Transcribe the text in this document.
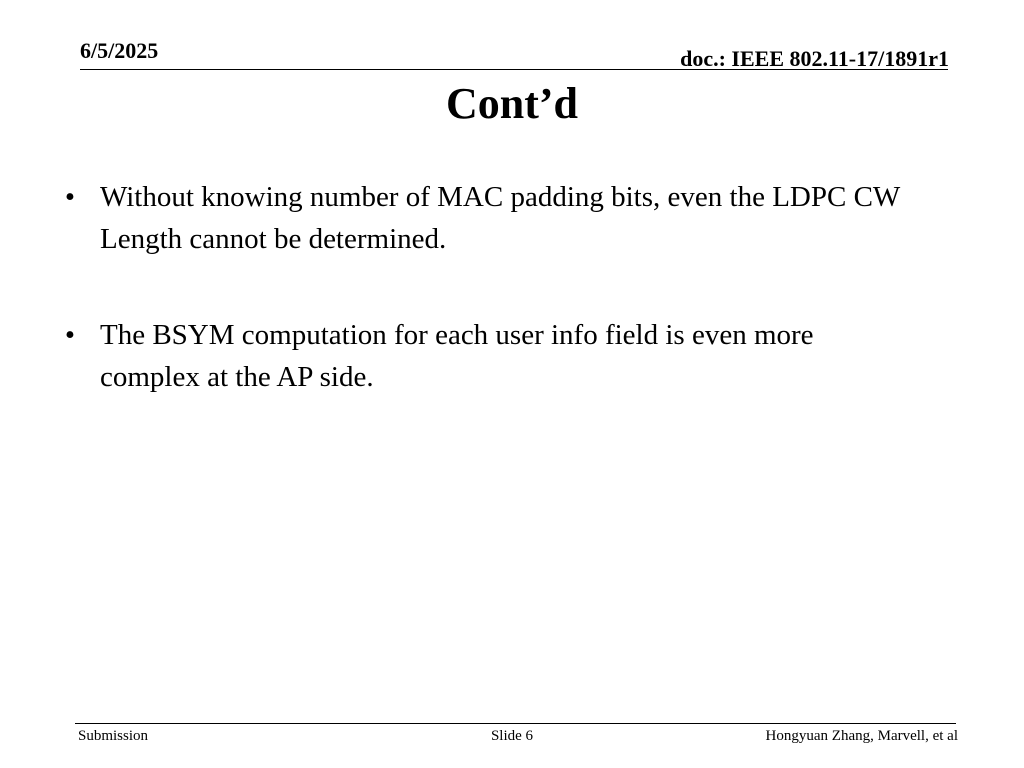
6/5/2025	doc.: IEEE 802.11-17/1891r1
Cont’d
• Without knowing number of MAC padding bits, even the LDPC CW Length cannot be determined.
• The BSYM computation for each user info field is even more complex at the AP side.
Submission	Slide 6	Hongyuan Zhang, Marvell, et al
